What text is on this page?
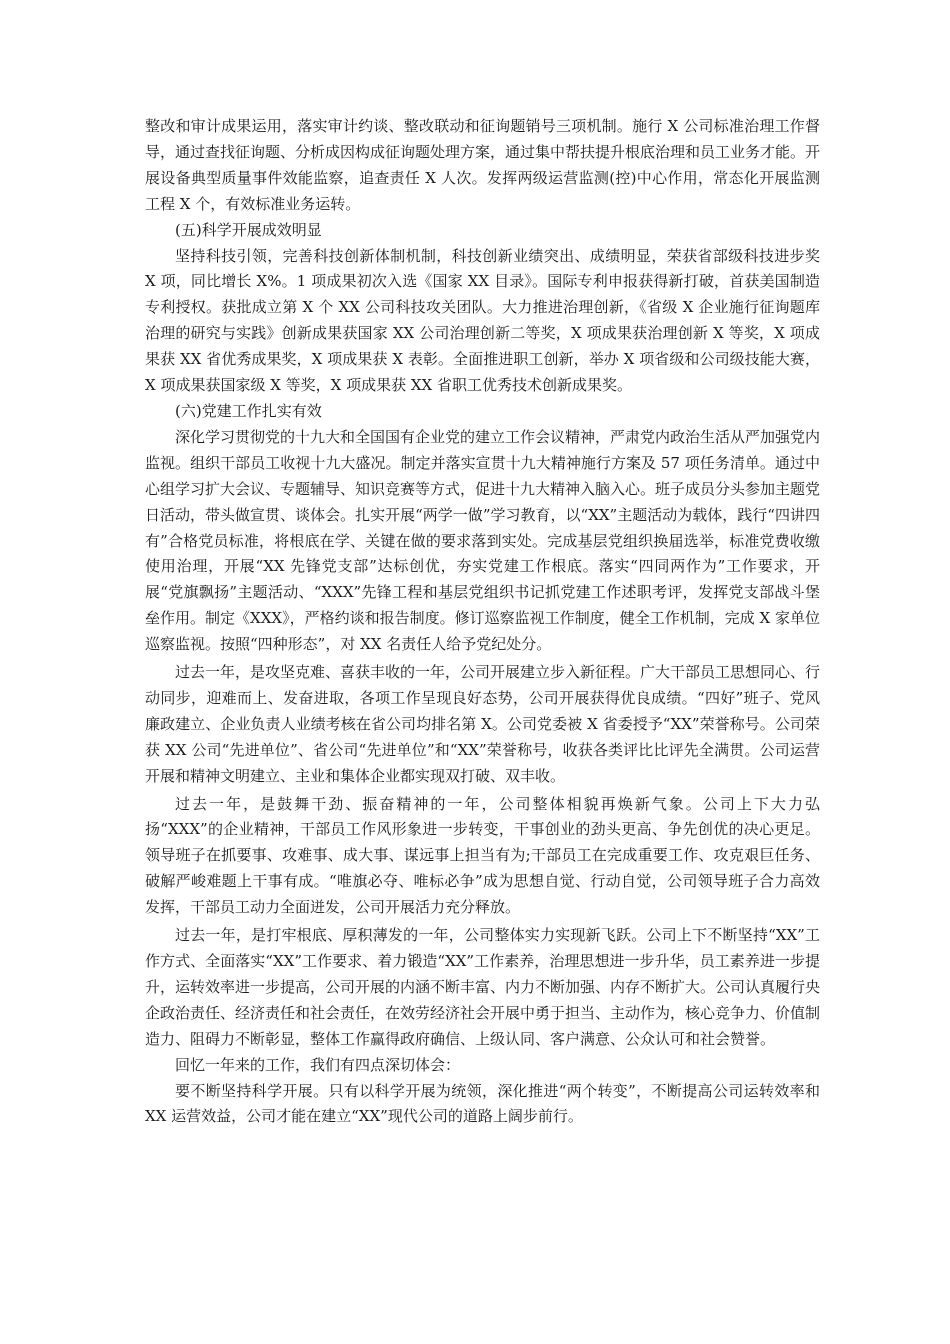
整改和审计成果运用，落实审计约谈、整改联动和征询题销号三项机制。施行 X 公司标准治理工作督导，通过查找征询题、分析成因构成征询题处理方案，通过集中帮扶提升根底治理和员工业务才能。开展设备典型质量事件效能监察，追查责任 X 人次。发挥两级运营监测(控)中心作用，常态化开展监测工程 X 个，有效标准业务运转。

(五)科学开展成效明显

坚持科技引领，完善科技创新体制机制，科技创新业绩突出、成绩明显，荣获省部级科技进步奖 X 项，同比增长 X%。1 项成果初次入选《国家 XX 目录》。国际专利申报获得新打破，首获美国制造专利授权。获批成立第 X 个 XX 公司科技攻关团队。大力推进治理创新，《省级 X 企业施行征询题库治理的研究与实践》创新成果获国家 XX 公司治理创新二等奖，X 项成果获治理创新 X 等奖，X 项成果获 XX 省优秀成果奖，X 项成果获 X 表彰。全面推进职工创新，举办 X 项省级和公司级技能大赛，X 项成果获国家级 X 等奖，X 项成果获 XX 省职工优秀技术创新成果奖。

(六)党建工作扎实有效

深化学习贯彻党的十九大和全国国有企业党的建立工作会议精神，严肃党内政治生活从严加强党内监视。组织干部员工收视十九大盛况。制定并落实宣贯十九大精神施行方案及 57 项任务清单。通过中心组学习扩大会议、专题辅导、知识竞赛等方式，促进十九大精神入脑入心。班子成员分头参加主题党日活动，带头做宣贯、谈体会。扎实开展“两学一做”学习教育，以“XX”主题活动为载体，践行“四讲四有”合格党员标准，将根底在学、关键在做的要求落到实处。完成基层党组织换届选举，标准党费收缴使用治理，开展“XX 先锋党支部”达标创优，夯实党建工作根底。落实“四同两作为”工作要求，开展“党旗飘扬”主题活动、“XXX”先锋工程和基层党组织书记抓党建工作述职考评，发挥党支部战斗堡垒作用。制定《XXX》，严格约谈和报告制度。修订巡察监视工作制度，健全工作机制，完成 X 家单位巡察监视。按照“四种形态”，对 XX 名责任人给予党纪处分。

过去一年，是攻坚克难、喜获丰收的一年，公司开展建立步入新征程。广大干部员工思想同心、行动同步，迎难而上、发奋进取，各项工作呈现良好态势，公司开展获得优良成绩。“四好”班子、党风廉政建立、企业负责人业绩考核在省公司均排名第 X。公司党委被 X 省委授予“XX”荣誉称号。公司荣获 XX 公司“先进单位”、省公司“先进单位”和“XX”荣誉称号，收获各类评比比评先全满贯。公司运营开展和精神文明建立、主业和集体企业都实现双打破、双丰收。

过去一年，是鼓舞干劲、振奋精神的一年，公司整体相貌再焕新气象。公司上下大力弘扬“XXX”的企业精神，干部员工作风形象进一步转变，干事创业的劲头更高、争先创优的决心更足。领导班子在抓要事、攻难事、成大事、谋远事上担当有为;干部员工在完成重要工作、攻克艰巨任务、破解严峻难题上干事有成。“唯旗必夺、唯标必争”成为思想自觉、行动自觉，公司领导班子合力高效发挥，干部员工动力全面迸发，公司开展活力充分释放。

过去一年，是打牢根底、厚积薄发的一年，公司整体实力实现新飞跃。公司上下不断坚持“XX”工作方式、全面落实“XX”工作要求、着力锻造“XX”工作素养，治理思想进一步升华，员工素养进一步提升，运转效率进一步提高，公司开展的内涵不断丰富、内力不断加强、内存不断扩大。公司认真履行央企政治责任、经济责任和社会责任，在效劳经济社会开展中勇于担当、主动作为，核心竞争力、价值制造力、阻碍力不断彰显，整体工作赢得政府确信、上级认同、客户满意、公众认可和社会赞誉。

回忆一年来的工作，我们有四点深切体会：

要不断坚持科学开展。只有以科学开展为统领，深化推进“两个转变”，不断提高公司运转效率和 XX 运营效益，公司才能在建立“XX”现代公司的道路上阔步前行。
